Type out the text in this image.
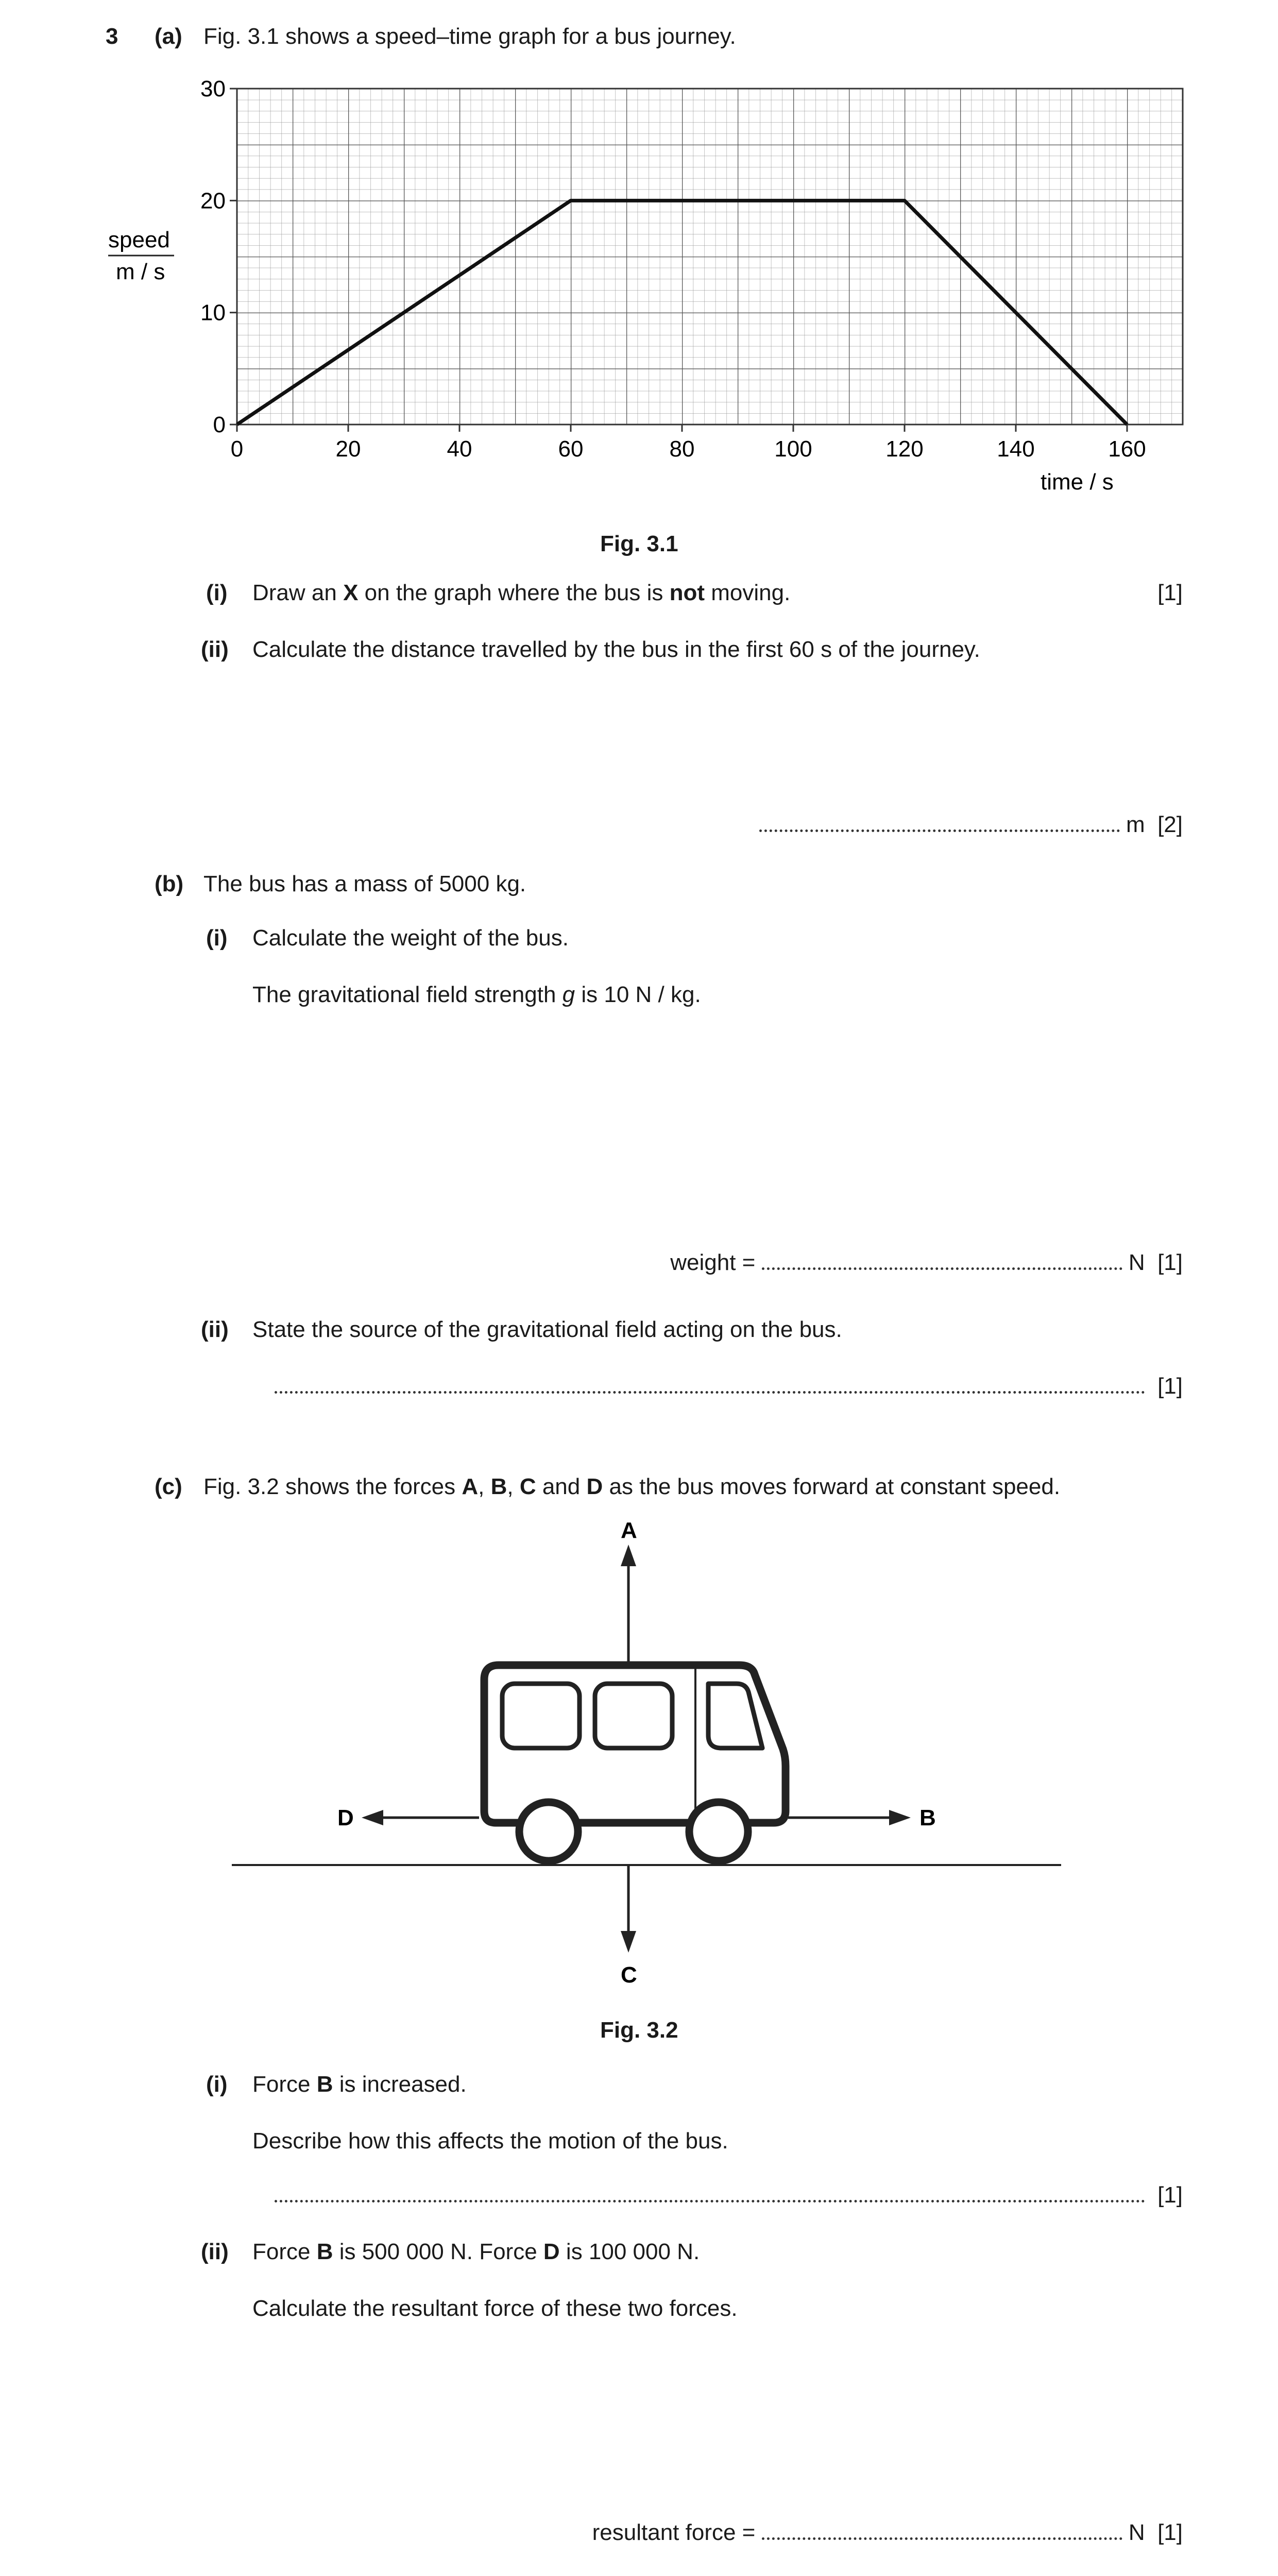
3 (a) Fig. 3.1 shows a speed–time graph for a bus journey.
0	20	40	60	80	100	120	140	160
0
10
20
30
speed
m / s
time / s
Fig. 3.1
(i) Draw an X on the graph where the bus is not moving.	[1]
(ii) Calculate the distance travelled by the bus in the first 60 s of the journey.
m [2]
(b) The bus has a mass of 5000 kg.
(i) Calculate the weight of the bus.
The gravitational field strength g is 10 N / kg.
weight =	N [1]
(ii) State the source of the gravitational field acting on the bus.
[1]
(c) Fig. 3.2 shows the forces A, B, C and D as the bus moves forward at constant speed.
A
D	B
C
Fig. 3.2
(i) Force B is increased.
Describe how this affects the motion of the bus.
[1]
(ii) Force B is 500 000 N. Force D is 100 000 N.
Calculate the resultant force of these two forces.
resultant force =	N [1]
